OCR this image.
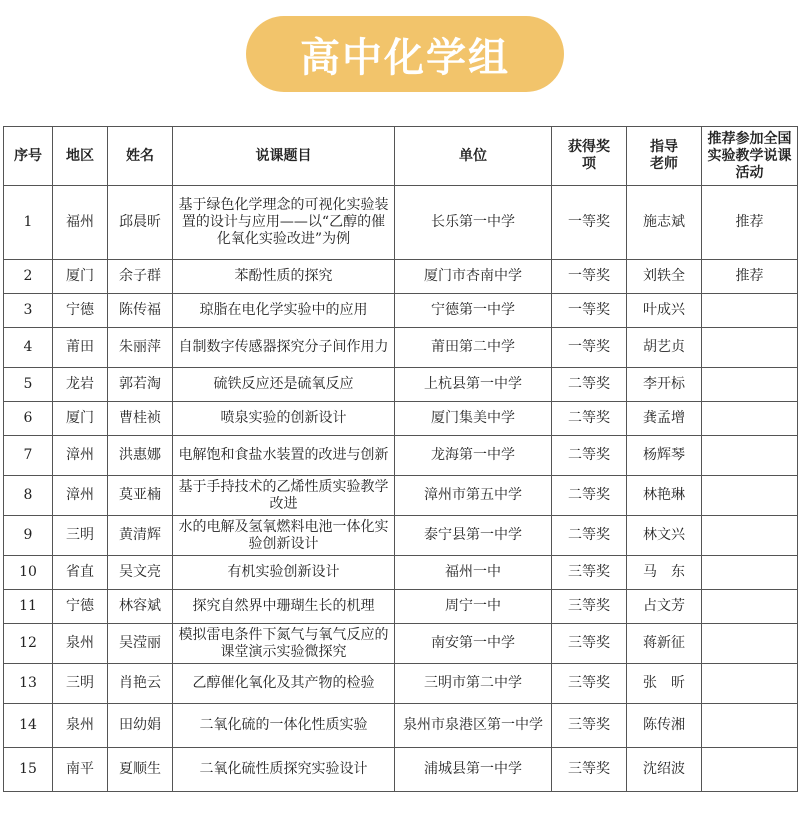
高中化学组
序号	地区	姓名	说课题目	单位	获得奖项	指导老师	推荐参加全国实验教学说课活动
1	福州	邱晨昕	基于绿色化学理念的可视化实验装置的设计与应用——以“乙醇的催化氧化实验改进”为例	长乐第一中学	一等奖	施志斌	推荐
2	厦门	余子群	苯酚性质的探究	厦门市杏南中学	一等奖	刘轶全	推荐
3	宁德	陈传福	琼脂在电化学实验中的应用	宁德第一中学	一等奖	叶成兴	
4	莆田	朱丽萍	自制数字传感器探究分子间作用力	莆田第二中学	一等奖	胡艺贞	
5	龙岩	郭若淘	硫铁反应还是硫氧反应	上杭县第一中学	二等奖	李开标	
6	厦门	曹桂祯	喷泉实验的创新设计	厦门集美中学	二等奖	龚孟增	
7	漳州	洪惠娜	电解饱和食盐水装置的改进与创新	龙海第一中学	二等奖	杨辉琴	
8	漳州	莫亚楠	基于手持技术的乙烯性质实验教学改进	漳州市第五中学	二等奖	林艳琳	
9	三明	黄清辉	水的电解及氢氧燃料电池一体化实验创新设计	泰宁县第一中学	二等奖	林文兴	
10	省直	吴文亮	有机实验创新设计	福州一中	三等奖	马　东	
11	宁德	林容斌	探究自然界中珊瑚生长的机理	周宁一中	三等奖	占文芳	
12	泉州	吴滢丽	模拟雷电条件下氮气与氧气反应的课堂演示实验微探究	南安第一中学	三等奖	蒋新征	
13	三明	肖艳云	乙醇催化氧化及其产物的检验	三明市第二中学	三等奖	张　昕	
14	泉州	田幼娟	二氧化硫的一体化性质实验	泉州市泉港区第一中学	三等奖	陈传湘	
15	南平	夏顺生	二氧化硫性质探究实验设计	浦城县第一中学	三等奖	沈绍波	
